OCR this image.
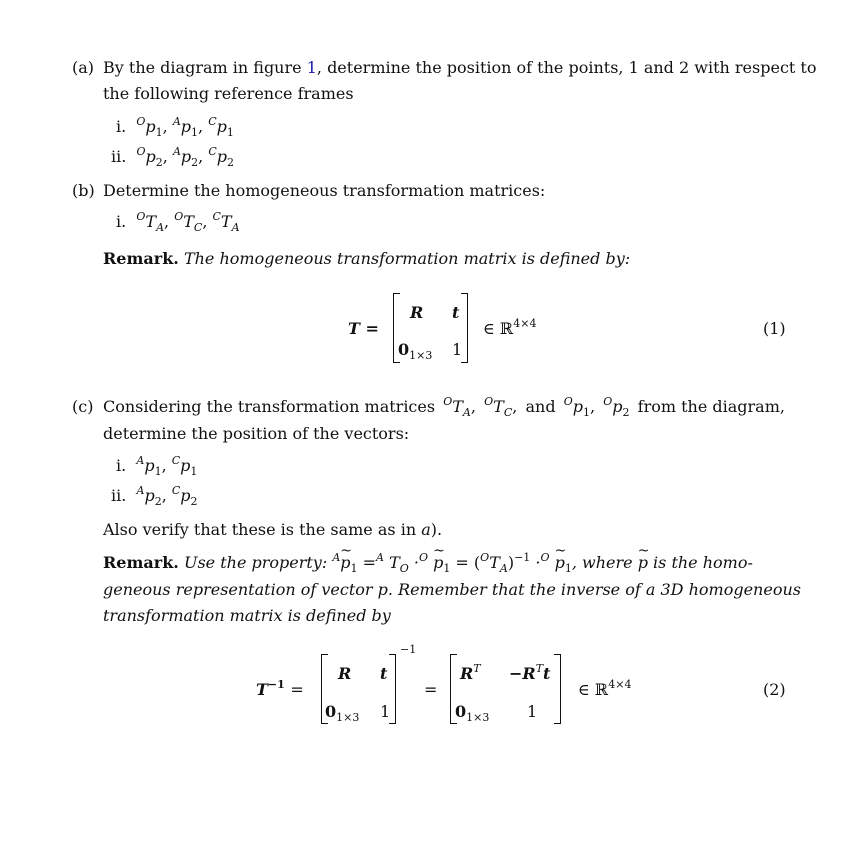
(a) By the diagram in figure 1, determine the position of the points, 1 and 2 with respect to
the following reference frames
i. $^Op_1$, $^Ap_1$, $^Cp_1$
ii. $^Op_2$, $^Ap_2$, $^Cp_2$
(b) Determine the homogeneous transformation matrices:
i. $^OT_A$, $^OT_C$, $^CT_A$
Remark. The homogeneous transformation matrix is defined by:
T =
R t
$0_{1\times 3}$ 1
∈ ℝ$^{4\times 4}$	(1)
(c) Considering the transformation matrices $^OT_A$, $^OT_C$, and $^Op_1$, $^Op_2$ from the diagram,
determine the position of the vectors:
i. $^Ap_1$, $^Cp_1$
ii. $^Ap_2$, $^Cp_2$
Also verify that these is the same as in a).
Remark. Use the property: $^A$~ $p_1 =^A$ $T_O \cdot^O$ ~ $p_1 = (^OT_A)^{-1} \cdot^O$ ~ $p_1$, where ~ p is the homo-
geneous representation of vector p. Remember that the inverse of a 3D homogeneous
transformation matrix is defined by
$T^{-1}$ =
−1
R t
$0_{1\times 3}$ 1
=
$R^T -R^Tt$
$0_{1\times 3}$ 1
∈ ℝ$^{4\times 4}$	(2)
